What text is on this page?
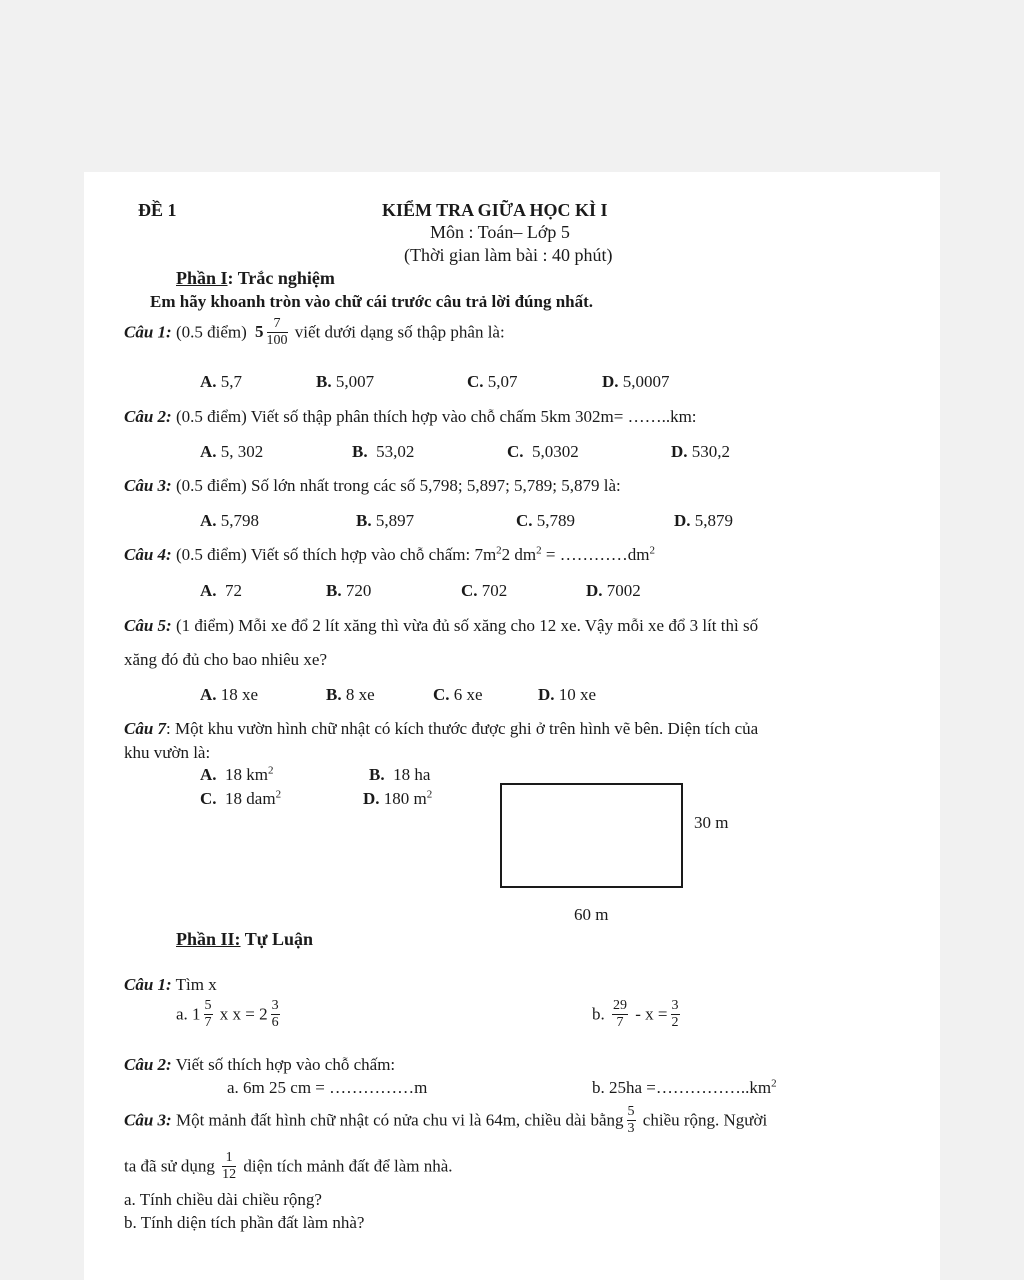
ĐỀ 1	KIỂM TRA GIỮA HỌC KÌ I
Môn : Toán– Lớp 5
(Thời gian làm bài : 40 phút)
Phần I: Trắc nghiệm
Em hãy khoanh tròn vào chữ cái trước câu trả lời đúng nhất.
Câu 1: (0.5 điểm) $5 \frac{7}{100}$ viết dưới dạng số thập phân là:
A. 5,7	B. 5,007	C. 5,07	D. 5,0007
Câu 2: (0.5 điểm) Viết số thập phân thích hợp vào chỗ chấm 5km 302m= ……..km:
A. 5, 302	B. 53,02	C. 5,0302	D. 530,2
Câu 3: (0.5 điểm) Số lớn nhất trong các số 5,798; 5,897; 5,789; 5,879 là:
A. 5,798	B. 5,897	C. 5,789	D. 5,879
Câu 4: (0.5 điểm) Viết số thích hợp vào chỗ chấm: $7m^22$ $dm^2$ = $\dots\dots\dots\dots dm^2$
A. 72	B. 720	C. 702	D. 7002
Câu 5: (1 điểm) Mỗi xe đổ 2 lít xăng thì vừa đủ số xăng cho 12 xe. Vậy mỗi xe đổ 3 lít thì số
xăng đó đủ cho bao nhiêu xe?
A. 18 xe	B. 8 xe	C. 6 xe	D. 10 xe
Câu 7: Một khu vườn hình chữ nhật có kích thước được ghi ở trên hình vẽ bên. Diện tích của
khu vườn là:
A. 18 $km^2$	B. 18 ha
C. 18 dam$^2$	D. 180 $m^2$
30 m
60 m
Phần II: Tự Luận
Câu 1: Tìm x
a. $1 \frac{5}{7}$ x $x = 2 \frac{3}{6}$	b. $\frac{29}{7} - x = \frac{3}{2}$
Câu 2: Viết số thích hợp vào chỗ chấm:
a. 6m 25 cm = ……………m	b. $25ha =\dots\dots\dots\dots\dots..km^2$
Câu 3: Một mảnh đất hình chữ nhật có nửa chu vi là 64m, chiều dài bằng $\frac{5}{3}$ chiều rộng. Người
ta đã sử dụng $\frac{1}{12}$ diện tích mảnh đất để làm nhà.
a. Tính chiều dài chiều rộng?
b. Tính diện tích phần đất làm nhà?
